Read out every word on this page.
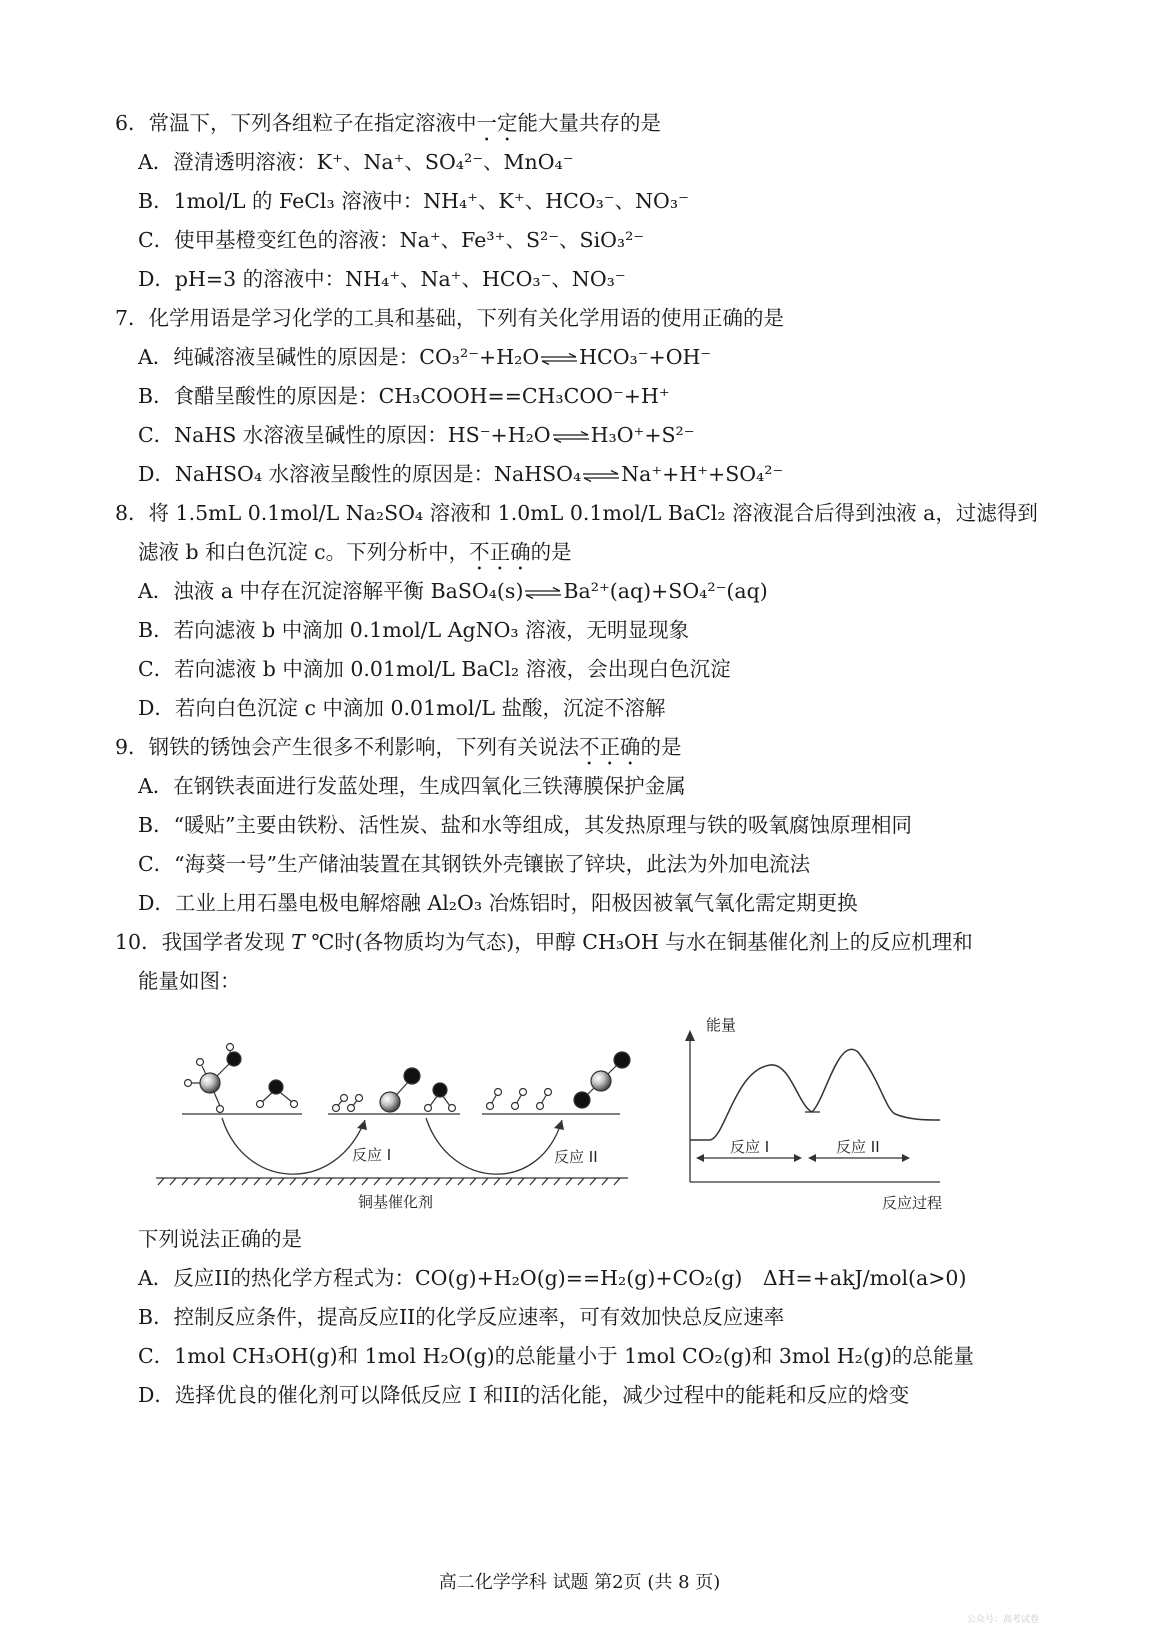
6．常温下，下列各组粒子在指定溶液中一定能大量共存的是
A．澄清透明溶液：K⁺、Na⁺、SO₄²⁻、MnO₄⁻
B．1mol/L 的 FeCl₃ 溶液中：NH₄⁺、K⁺、HCO₃⁻、NO₃⁻
C．使甲基橙变红色的溶液：Na⁺、Fe³⁺、S²⁻、SiO₃²⁻
D．pH=3 的溶液中：NH₄⁺、Na⁺、HCO₃⁻、NO₃⁻
7．化学用语是学习化学的工具和基础，下列有关化学用语的使用正确的是
A．纯碱溶液呈碱性的原因是：CO₃²⁻+H₂O HCO₃⁻+OH⁻
B．食醋呈酸性的原因是：CH₃COOH==CH₃COO⁻+H⁺
C．NaHS 水溶液呈碱性的原因：HS⁻+H₂O H₃O⁺+S²⁻
D．NaHSO₄ 水溶液呈酸性的原因是：NaHSO₄ Na⁺+H⁺+SO₄²⁻
8．将 1.5mL 0.1mol/L Na₂SO₄ 溶液和 1.0mL 0.1mol/L BaCl₂ 溶液混合后得到浊液 a，过滤得到
滤液 b 和白色沉淀 c。下列分析中，不正确的是
A．浊液 a 中存在沉淀溶解平衡 BaSO₄(s) Ba²⁺(aq)+SO₄²⁻(aq)
B．若向滤液 b 中滴加 0.1mol/L AgNO₃ 溶液，无明显现象
C．若向滤液 b 中滴加 0.01mol/L BaCl₂ 溶液，会出现白色沉淀
D．若向白色沉淀 c 中滴加 0.01mol/L 盐酸，沉淀不溶解
9．钢铁的锈蚀会产生很多不利影响，下列有关说法不正确的是
A．在钢铁表面进行发蓝处理，生成四氧化三铁薄膜保护金属
B．“暖贴”主要由铁粉、活性炭、盐和水等组成，其发热原理与铁的吸氧腐蚀原理相同
C．“海葵一号”生产储油装置在其钢铁外壳镶嵌了锌块，此法为外加电流法
D．工业上用石墨电极电解熔融 Al₂O₃ 冶炼铝时，阳极因被氧气氧化需定期更换
10．我国学者发现 T ℃时(各物质均为气态)，甲醇 CH₃OH 与水在铜基催化剂上的反应机理和
能量如图：
铜基催化剂
反应 I	反应 II
能量
反应 I	反应 II
反应过程
下列说法正确的是
A．反应II的热化学方程式为：CO(g)+H₂O(g)==H₂(g)+CO₂(g)　ΔH=+akJ/mol(a>0)
B．控制反应条件，提高反应II的化学反应速率，可有效加快总反应速率
C．1mol CH₃OH(g)和 1mol H₂O(g)的总能量小于 1mol CO₂(g)和 3mol H₂(g)的总能量
D．选择优良的催化剂可以降低反应 I 和II的活化能，减少过程中的能耗和反应的焓变
高二化学学科 试题 第2页 (共 8 页)
公众号：高考试卷
